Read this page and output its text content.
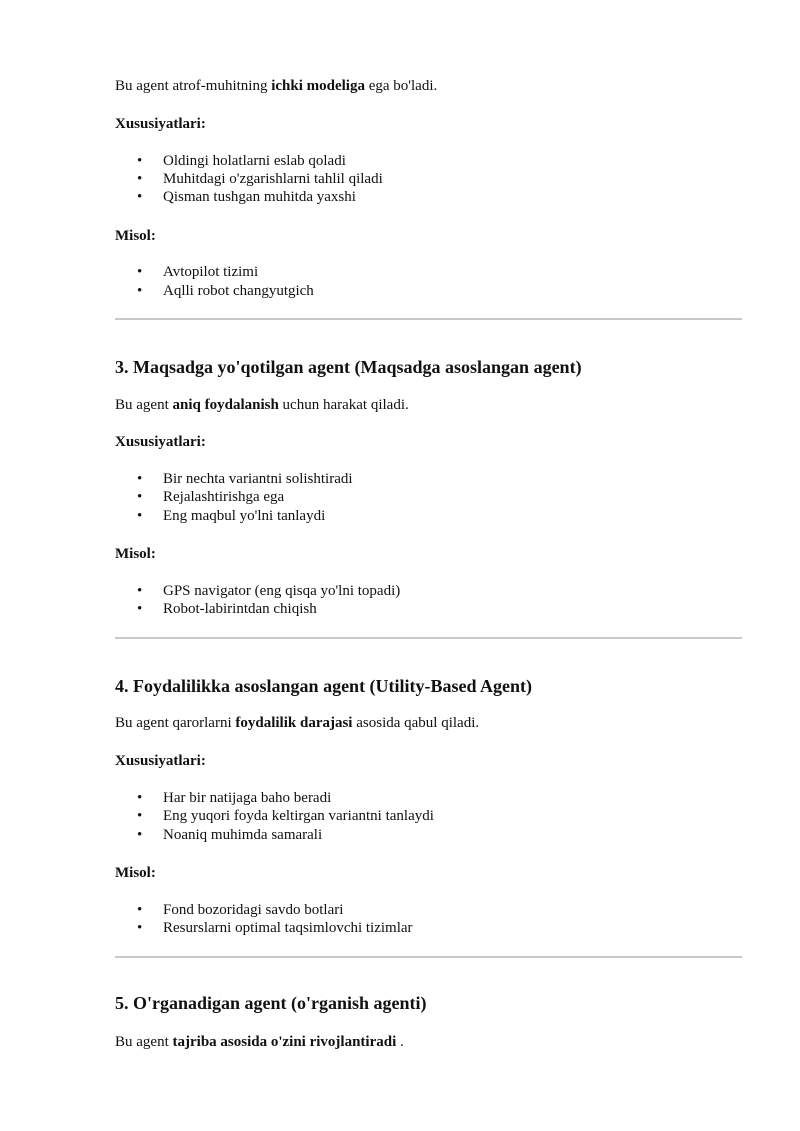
Bu agent atrof-muhitning ichki modeliga ega bo'ladi.
Xususiyatlari:
• Oldingi holatlarni eslab qoladi
• Muhitdagi o'zgarishlarni tahlil qiladi
• Qisman tushgan muhitda yaxshi
Misol:
• Avtopilot tizimi
• Aqlli robot changyutgich
3. Maqsadga yo'qotilgan agent (Maqsadga asoslangan agent)
Bu agent aniq foydalanish uchun harakat qiladi.
Xususiyatlari:
• Bir nechta variantni solishtiradi
• Rejalashtirishga ega
• Eng maqbul yo'lni tanlaydi
Misol:
• GPS navigator (eng qisqa yo'lni topadi)
• Robot-labirintdan chiqish
4. Foydalilikka asoslangan agent (Utility-Based Agent)
Bu agent qarorlarni foydalilik darajasi asosida qabul qiladi.
Xususiyatlari:
• Har bir natijaga baho beradi
• Eng yuqori foyda keltirgan variantni tanlaydi
• Noaniq muhimda samarali
Misol:
• Fond bozoridagi savdo botlari
• Resurslarni optimal taqsimlovchi tizimlar
5. O'rganadigan agent (o'rganish agenti)
Bu agent tajriba asosida o'zini rivojlantiradi .
